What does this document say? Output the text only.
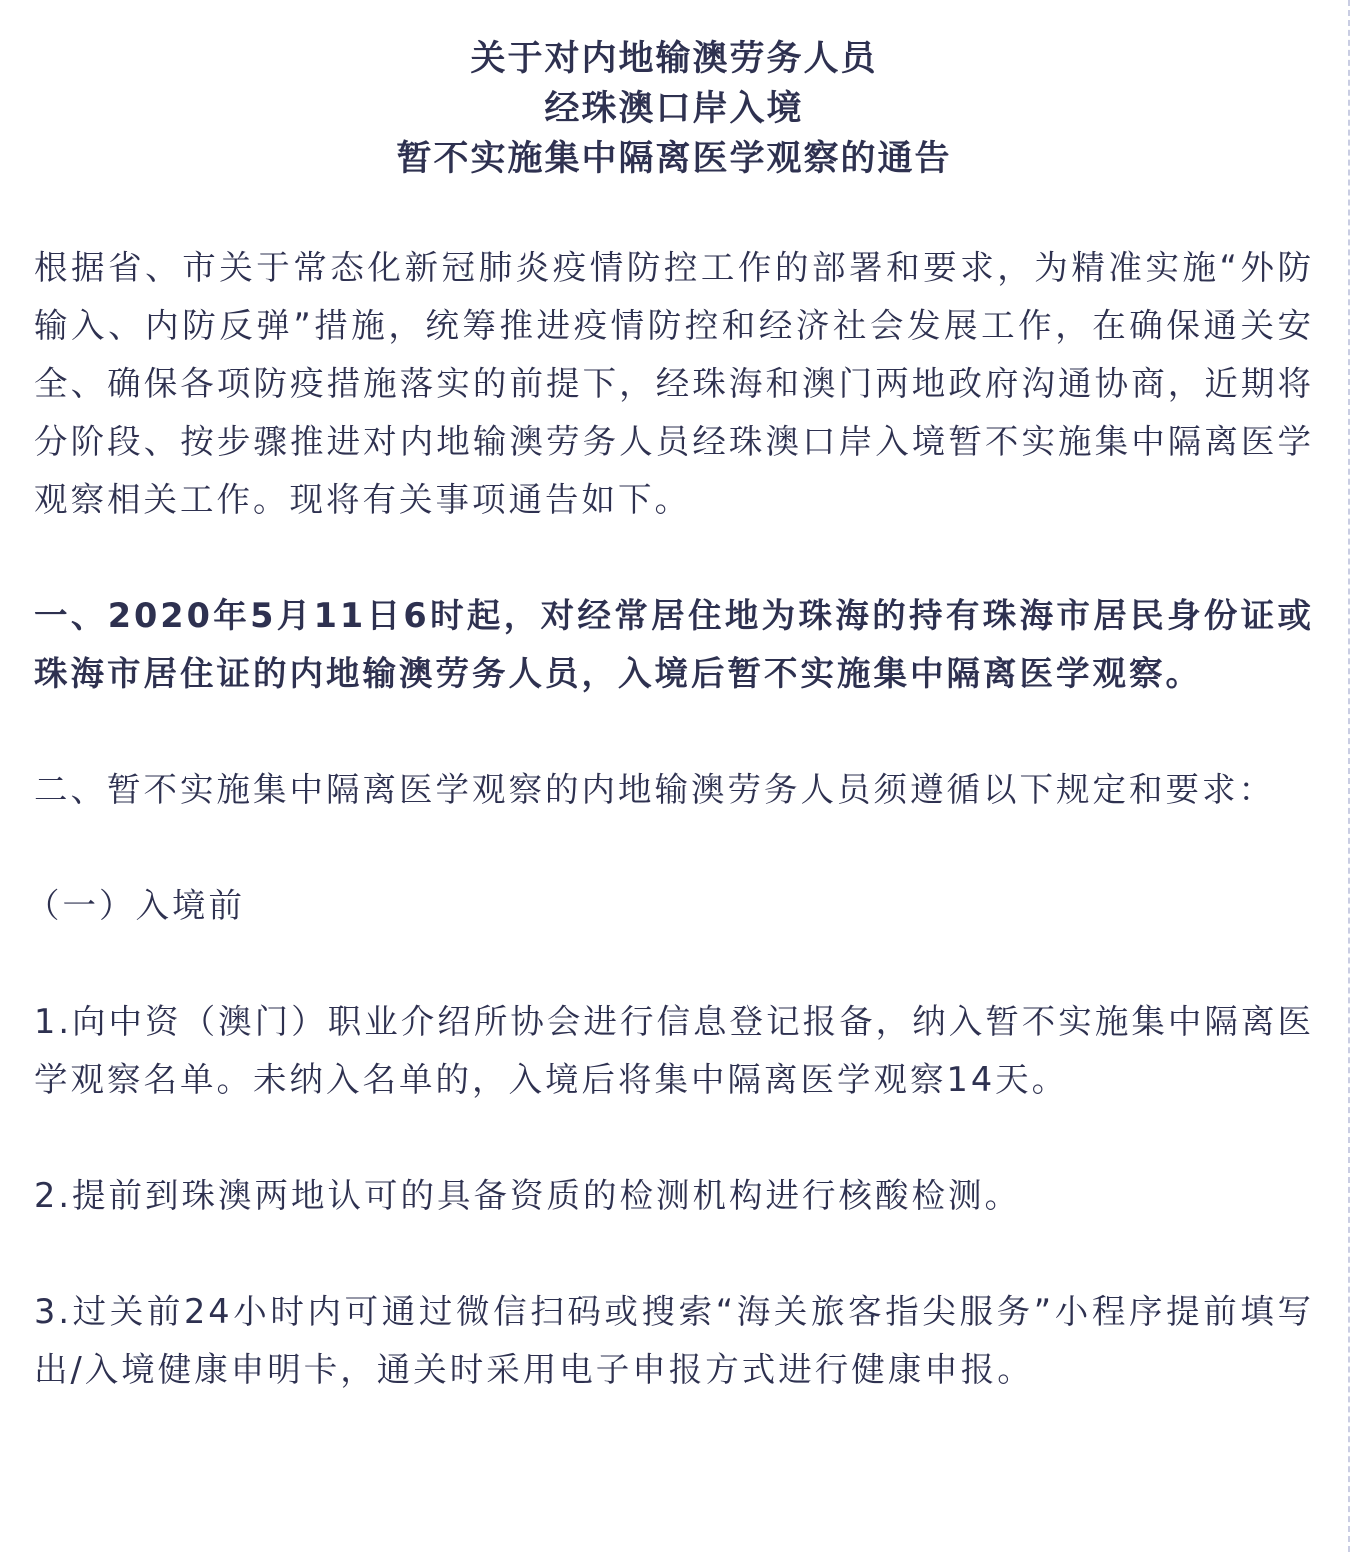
关于对内地输澳劳务人员

经珠澳口岸入境

暂不实施集中隔离医学观察的通告

根据省、市关于常态化新冠肺炎疫情防控工作的部署和要求，为精准实施“外防输入、内防反弹”措施，统筹推进疫情防控和经济社会发展工作，在确保通关安全、确保各项防疫措施落实的前提下，经珠海和澳门两地政府沟通协商，近期将分阶段、按步骤推进对内地输澳劳务人员经珠澳口岸入境暂不实施集中隔离医学观察相关工作。现将有关事项通告如下。

一、2020年5月11日6时起，对经常居住地为珠海的持有珠海市居民身份证或珠海市居住证的内地输澳劳务人员，入境后暂不实施集中隔离医学观察。

二、暂不实施集中隔离医学观察的内地输澳劳务人员须遵循以下规定和要求：

（一）入境前

1.向中资（澳门）职业介绍所协会进行信息登记报备，纳入暂不实施集中隔离医学观察名单。未纳入名单的，入境后将集中隔离医学观察14天。

2.提前到珠澳两地认可的具备资质的检测机构进行核酸检测。

3.过关前24小时内可通过微信扫码或搜索“海关旅客指尖服务”小程序提前填写出/入境健康申明卡，通关时采用电子申报方式进行健康申报。
